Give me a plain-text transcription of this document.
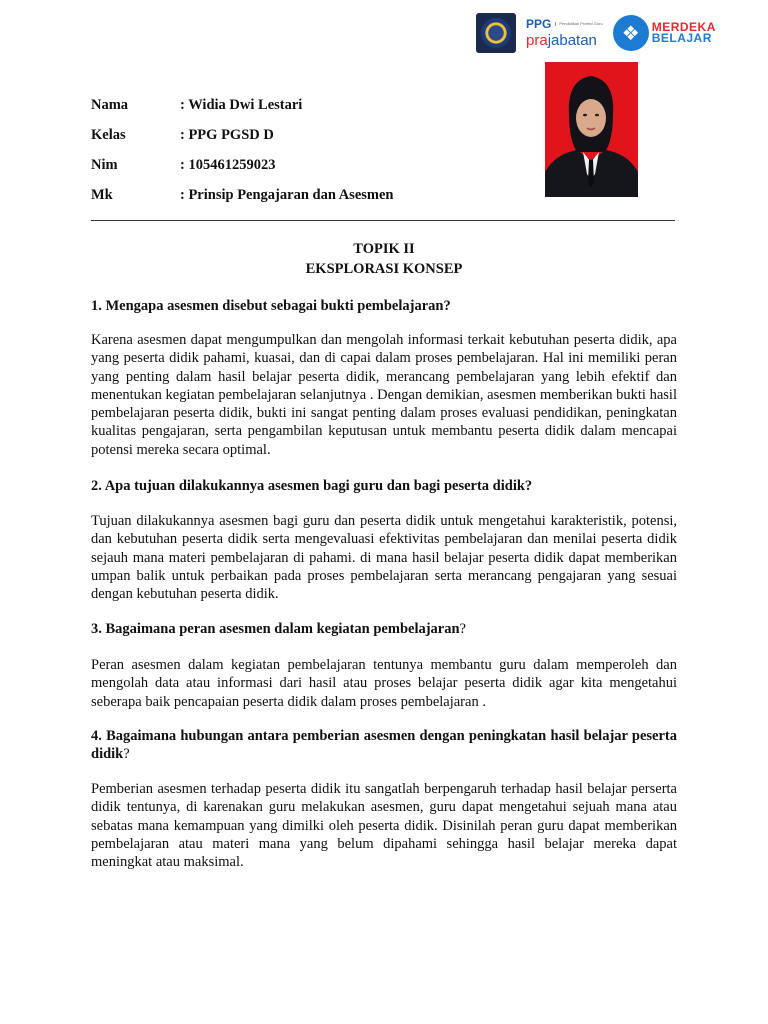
PPG	Pendidikan Profesi Guru
prajabatan	❖	MERDEKA
BELAJAR
Nama	: Widia Dwi Lestari
Kelas	: PPG PGSD D
Nim	: 105461259023
Mk	: Prinsip Pengajaran dan Asesmen
TOPIK II
EKSPLORASI KONSEP
1. Mengapa asesmen disebut sebagai bukti pembelajaran?
Karena asesmen dapat mengumpulkan dan mengolah informasi terkait kebutuhan peserta didik, apa yang peserta didik pahami, kuasai, dan di capai dalam proses pembelajaran. Hal ini memiliki peran yang penting dalam hasil belajar peserta didik, merancang pembelajaran yang lebih efektif dan menentukan kegiatan pembelajaran selanjutnya . Dengan demikian, asesmen memberikan bukti hasil pembelajaran peserta didik, bukti ini sangat penting dalam proses evaluasi pendidikan, peningkatan kualitas pengajaran, serta pengambilan keputusan untuk membantu peserta didik dalam mencapai potensi mereka secara optimal.
2. Apa tujuan dilakukannya asesmen bagi guru dan bagi peserta didik?
Tujuan dilakukannya asesmen bagi guru dan peserta didik untuk mengetahui karakteristik, potensi, dan kebutuhan peserta didik serta mengevaluasi efektivitas pembelajaran dan menilai peserta didik sejauh mana materi pembelajaran di pahami. di mana hasil belajar peserta didik dapat memberikan umpan balik untuk perbaikan pada proses pembelajaran serta merancang pengajaran yang sesuai dengan kebutuhan peserta didik.
3. Bagaimana peran asesmen dalam kegiatan pembelajaran?
Peran asesmen dalam kegiatan pembelajaran tentunya membantu guru dalam memperoleh dan mengolah data atau informasi dari hasil atau proses belajar peserta didik agar kita mengetahui seberapa baik pencapaian peserta didik dalam proses pembelajaran .
4. Bagaimana hubungan antara pemberian asesmen dengan peningkatan hasil belajar peserta didik?
Pemberian asesmen terhadap peserta didik itu sangatlah berpengaruh terhadap hasil belajar perserta didik tentunya, di karenakan guru melakukan asesmen, guru dapat mengetahui sejuah mana atau sebatas mana kemampuan yang dimilki oleh peserta didik. Disinilah peran guru dapat memberikan pembelajaran atau materi mana yang belum dipahami sehingga hasil belajar mereka dapat meningkat atau maksimal.
